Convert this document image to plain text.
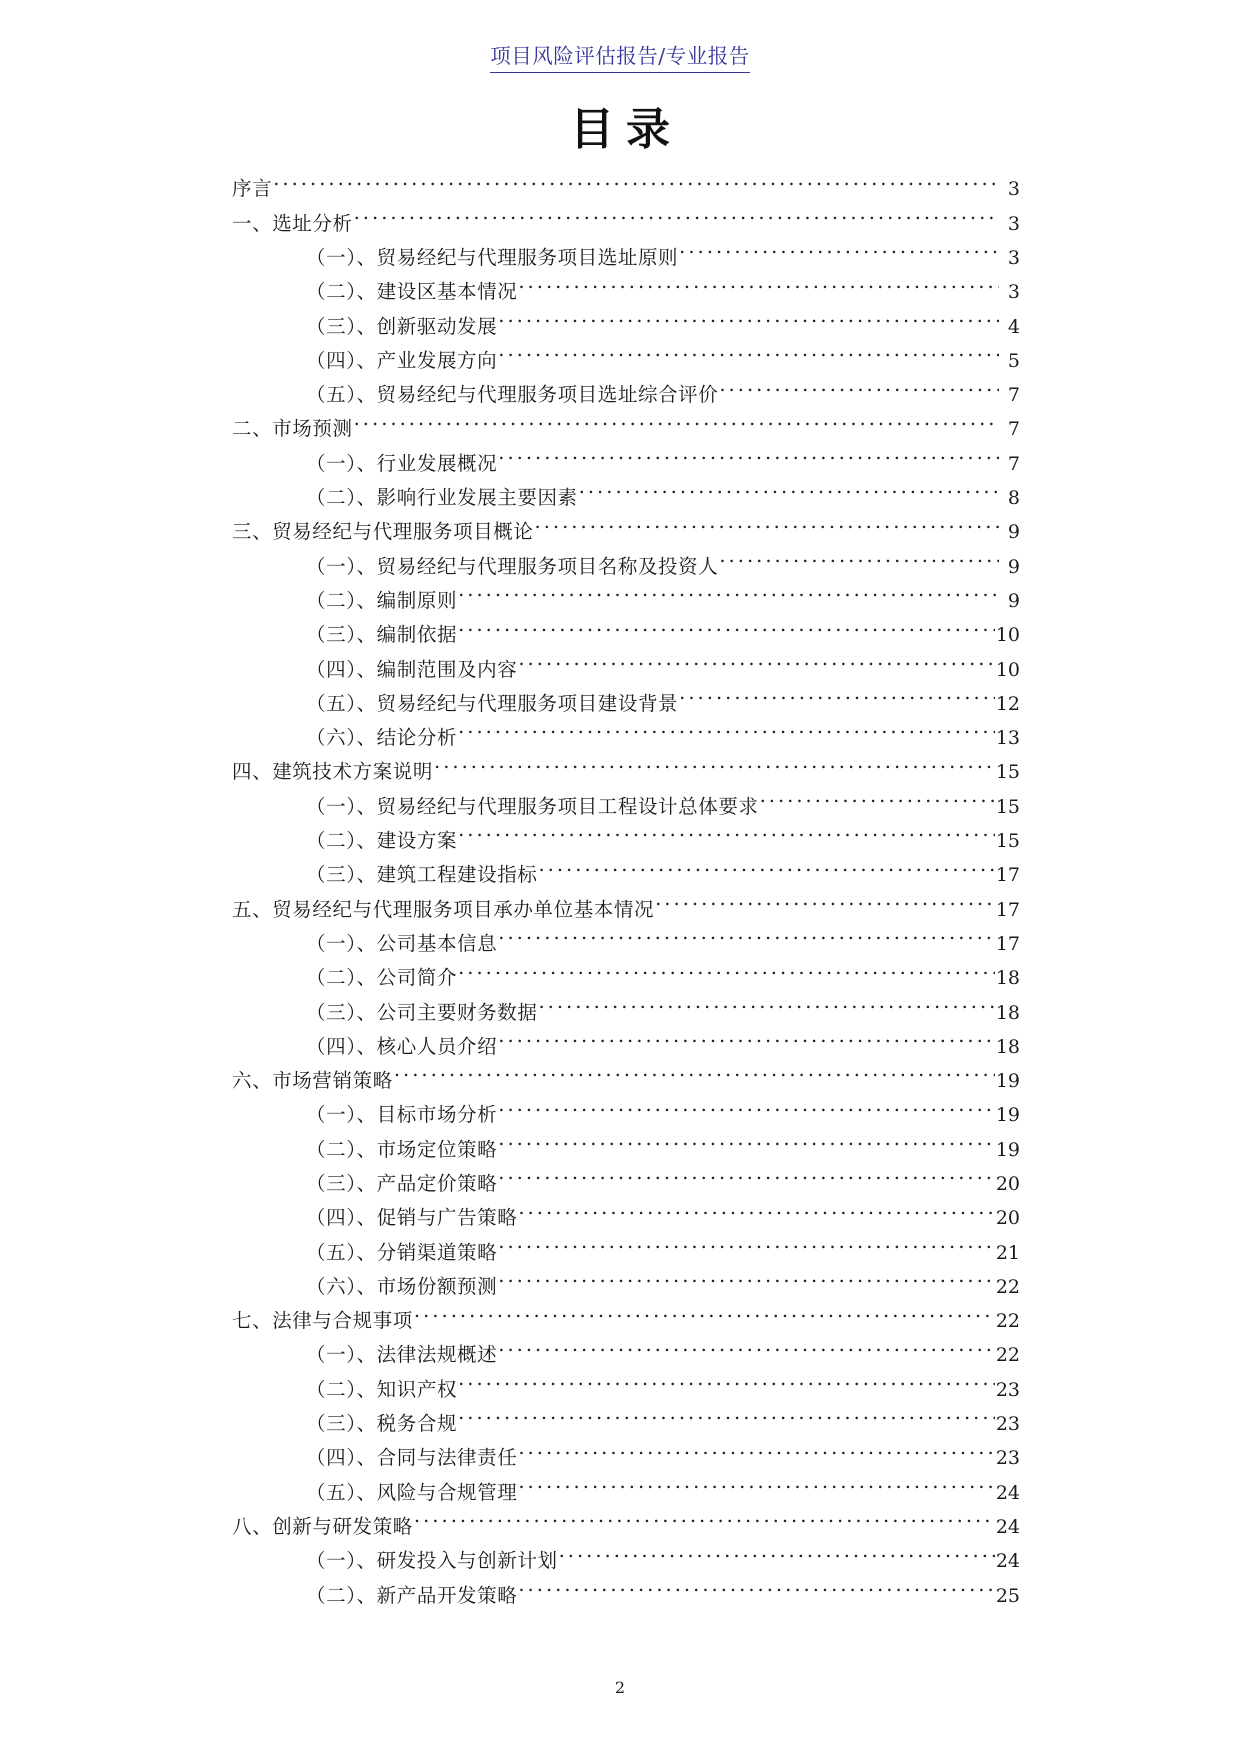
项目风险评估报告/专业报告
目录
序言 .....	3
一、选址分析 .....	3
（一）、贸易经纪与代理服务项目选址原则 .....	3
（二）、建设区基本情况 .....	3
（三）、创新驱动发展 .....	4
（四）、产业发展方向 .....	5
（五）、贸易经纪与代理服务项目选址综合评价 .....	7
二、市场预测 .....	7
（一）、行业发展概况 .....	7
（二）、影响行业发展主要因素 .....	8
三、贸易经纪与代理服务项目概论 .....	9
（一）、贸易经纪与代理服务项目名称及投资人 .....	9
（二）、编制原则 .....	9
（三）、编制依据 .....	10
（四）、编制范围及内容 .....	10
（五）、贸易经纪与代理服务项目建设背景 .....	12
（六）、结论分析 .....	13
四、建筑技术方案说明 .....	15
（一）、贸易经纪与代理服务项目工程设计总体要求 .....	15
（二）、建设方案 .....	15
（三）、建筑工程建设指标 .....	17
五、贸易经纪与代理服务项目承办单位基本情况 .....	17
（一）、公司基本信息 .....	17
（二）、公司简介 .....	18
（三）、公司主要财务数据 .....	18
（四）、核心人员介绍 .....	18
六、市场营销策略 .....	19
（一）、目标市场分析 .....	19
（二）、市场定位策略 .....	19
（三）、产品定价策略 .....	20
（四）、促销与广告策略 .....	20
（五）、分销渠道策略 .....	21
（六）、市场份额预测 .....	22
七、法律与合规事项 .....	22
（一）、法律法规概述 .....	22
（二）、知识产权 .....	23
（三）、税务合规 .....	23
（四）、合同与法律责任 .....	23
（五）、风险与合规管理 .....	24
八、创新与研发策略 .....	24
（一）、研发投入与创新计划 .....	24
（二）、新产品开发策略 .....	25
2
